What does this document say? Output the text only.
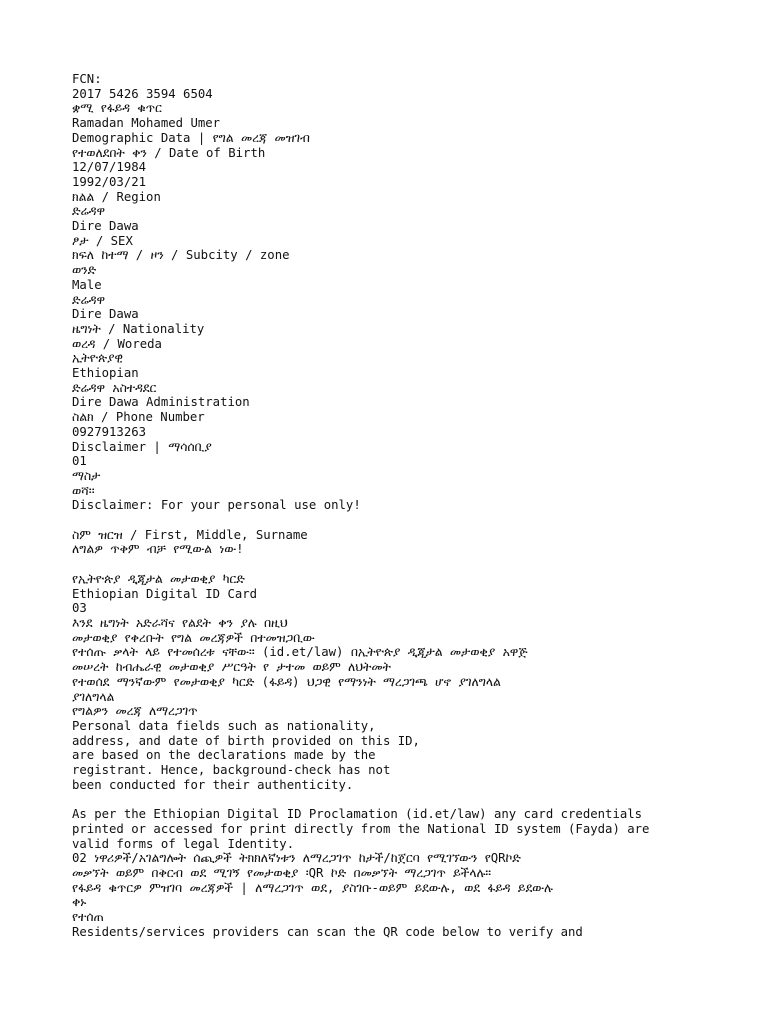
FCN:
2017 5426 3594 6504
ቋሚ የፋይዳ ቁጥር
Ramadan Mohamed Umer
Demographic Data | የግል መረጃ መዝገብ
የተወለደበት ቀን / Date of Birth
12/07/1984
1992/03/21
ክልል / Region
ድሬዳዋ
Dire Dawa
ፆታ / SEX
ክፍለ ከተማ / ዞን / Subcity / zone
ወንድ
Male
ድሬዳዋ
Dire Dawa
ዜግነት / Nationality
ወረዳ / Woreda
ኢትዮጵያዊ
Ethiopian
ድሬዳዋ አስተዳደር
Dire Dawa Administration
ስልክ / Phone Number
0927913263
Disclaimer | ማሳሰቢያ
01
ማስታ
ወሻ፡፡
Disclaimer: For your personal use only!
ስም ዝርዝ / First, Middle, Surname
ለግልዎ ጥቅም ብቻ የሚውል ነው!
የኢትዮጵያ ዲጂታል መታወቂያ ካርድ
Ethiopian Digital ID Card
03
እንደ ዜግነት አድራሻና የልደት ቀን ያሉ በዚህ
መታወቂያ የቀረቡት የግል መረጃዎች በተመዝጋቢው
የተሰጡ ቃላት ላይ የተመሰረቱ ናቸው። (id.et/law) በኢትዮጵያ ዲጂታል መታወቂያ አዋጅ
መሠረት ከብሔራዊ መታወቂያ ሥርዓት የ ታተመ ወይም ለህትመት
የተወሰደ ማንኛውም የመታወቂያ ካርድ (ፋይዳ) ህጋዊ የማንነት ማረጋገጫ ሆኖ ያገለግላል
ያገለግላል
የግልዎን መረጃ ለማረጋገጥ
Personal data fields such as nationality,
address, and date of birth provided on this ID,
are based on the declarations made by the
registrant. Hence, background-check has not
been conducted for their authenticity.
As per the Ethiopian Digital ID Proclamation (id.et/law) any card credentials
printed or accessed for print directly from the National ID system (Fayda) are
valid forms of legal Identity.
02 ነዋሪዎች/አገልግሎት ሰጪዎች ትክክለኛነቱን ለማረጋገጥ ከታች/ከጀርባ የሚገኘውን የQRኮድ
መቃኘት ወይም በቅርብ ወደ ሚገኝ የመታወቂያ ፡QR ኮድ በመቃኘት ማረጋገጥ ይችላሉ።
የፋይዳ ቁጥርዎ ምዝገባ መረጃዎች | ለማረጋገጥ ወደ, ያስገቡ-ወይም ይደውሉ, ወደ ፋይዳ ይደውሉ
ቀኑ
የተሰጠ
Residents/services providers can scan the QR code below to verify and
